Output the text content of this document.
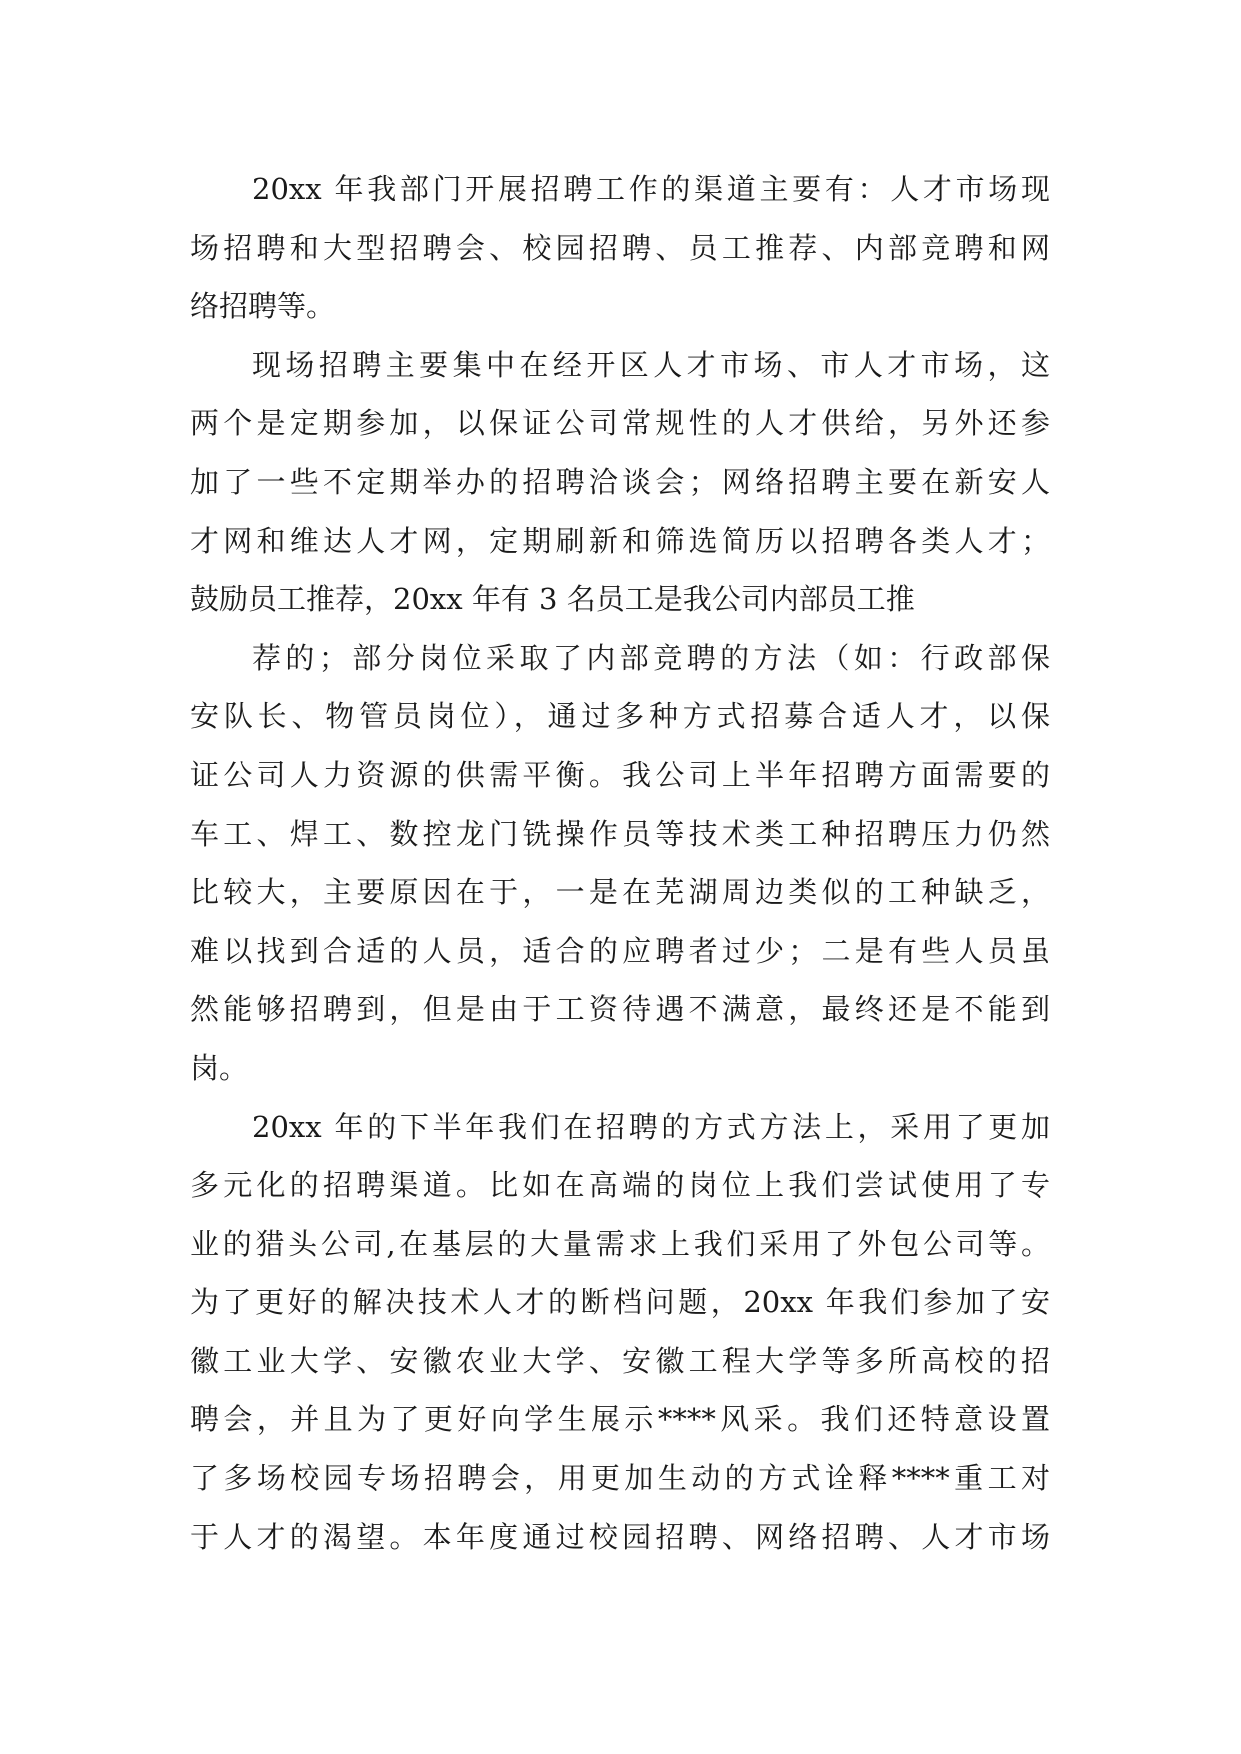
20xx 年我部门开展招聘工作的渠道主要有：人才市场现
场招聘和大型招聘会、校园招聘、员工推荐、内部竞聘和网
络招聘等。
现场招聘主要集中在经开区人才市场、市人才市场，这
两个是定期参加，以保证公司常规性的人才供给，另外还参
加了一些不定期举办的招聘洽谈会；网络招聘主要在新安人
才网和维达人才网，定期刷新和筛选简历以招聘各类人才；
鼓励员工推荐，20xx 年有 3 名员工是我公司内部员工推
荐的；部分岗位采取了内部竞聘的方法（如：行政部保
安队长、物管员岗位），通过多种方式招募合适人才，以保
证公司人力资源的供需平衡。我公司上半年招聘方面需要的
车工、焊工、数控龙门铣操作员等技术类工种招聘压力仍然
比较大，主要原因在于，一是在芜湖周边类似的工种缺乏，
难以找到合适的人员，适合的应聘者过少；二是有些人员虽
然能够招聘到，但是由于工资待遇不满意，最终还是不能到
岗。
20xx 年的下半年我们在招聘的方式方法上，采用了更加
多元化的招聘渠道。比如在高端的岗位上我们尝试使用了专
业的猎头公司,在基层的大量需求上我们采用了外包公司等。
为了更好的解决技术人才的断档问题，20xx 年我们参加了安
徽工业大学、安徽农业大学、安徽工程大学等多所高校的招
聘会，并且为了更好向学生展示****风采。我们还特意设置
了多场校园专场招聘会，用更加生动的方式诠释****重工对
于人才的渴望。本年度通过校园招聘、网络招聘、人才市场
